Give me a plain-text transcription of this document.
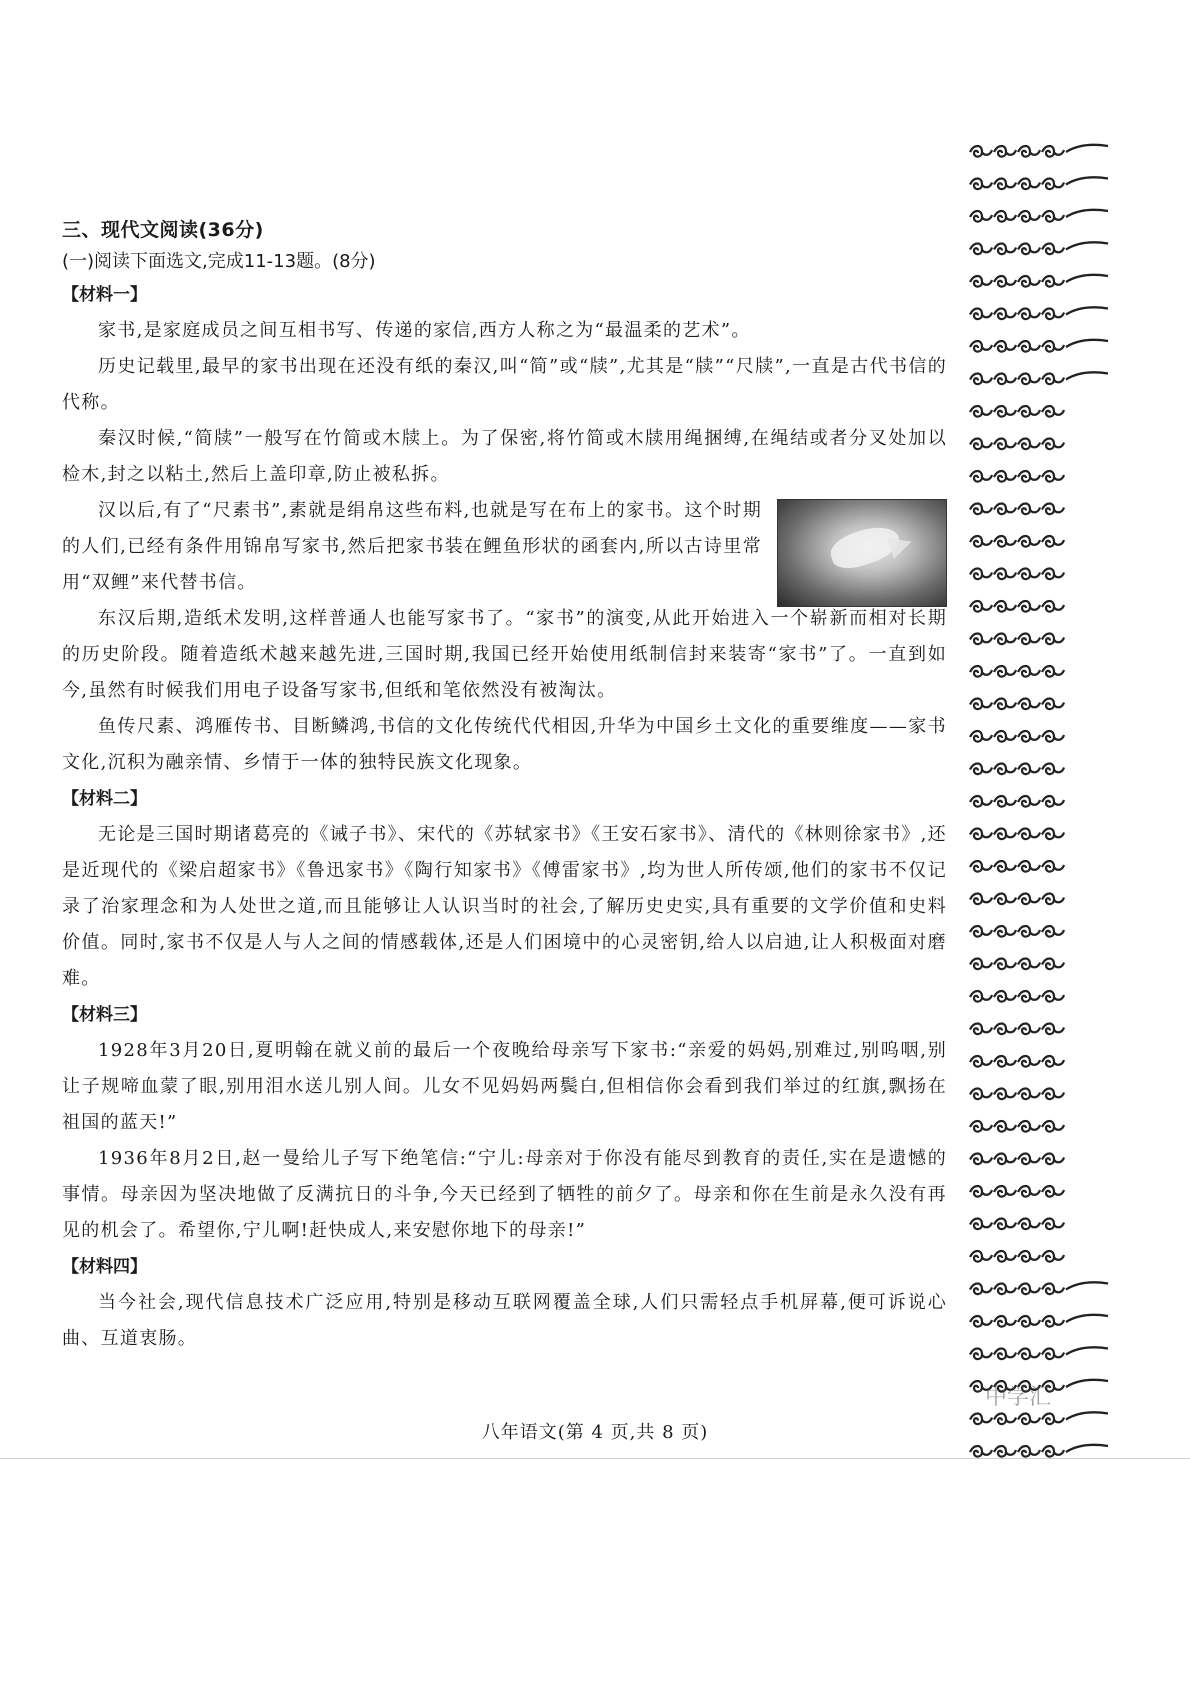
三、现代文阅读(36分)
(一)阅读下面选文,完成11-13题。(8分)
【材料一】

家书,是家庭成员之间互相书写、传递的家信,西方人称之为“最温柔的艺术”。

历史记载里,最早的家书出现在还没有纸的秦汉,叫“简”或“牍”,尤其是“牍”“尺牍”,一直是古代书信的代称。

秦汉时候,“简牍”一般写在竹简或木牍上。为了保密,将竹简或木牍用绳捆缚,在绳结或者分叉处加以检木,封之以粘土,然后上盖印章,防止被私拆。

汉以后,有了“尺素书”,素就是绢帛这些布料,也就是写在布上的家书。这个时期的人们,已经有条件用锦帛写家书,然后把家书装在鲤鱼形状的函套内,所以古诗里常用“双鲤”来代替书信。

东汉后期,造纸术发明,这样普通人也能写家书了。“家书”的演变,从此开始进入一个崭新而相对长期的历史阶段。随着造纸术越来越先进,三国时期,我国已经开始使用纸制信封来装寄“家书”了。一直到如今,虽然有时候我们用电子设备写家书,但纸和笔依然没有被淘汰。

鱼传尺素、鸿雁传书、目断鳞鸿,书信的文化传统代代相因,升华为中国乡土文化的重要维度——家书文化,沉积为融亲情、乡情于一体的独特民族文化现象。

【材料二】

无论是三国时期诸葛亮的《诫子书》、宋代的《苏轼家书》《王安石家书》、清代的《林则徐家书》,还是近现代的《梁启超家书》《鲁迅家书》《陶行知家书》《傅雷家书》,均为世人所传颂,他们的家书不仅记录了治家理念和为人处世之道,而且能够让人认识当时的社会,了解历史史实,具有重要的文学价值和史料价值。同时,家书不仅是人与人之间的情感载体,还是人们困境中的心灵密钥,给人以启迪,让人积极面对磨难。

【材料三】

1928年3月20日,夏明翰在就义前的最后一个夜晚给母亲写下家书:“亲爱的妈妈,别难过,别呜咽,别让子规啼血蒙了眼,别用泪水送儿别人间。儿女不见妈妈两鬓白,但相信你会看到我们举过的红旗,飘扬在祖国的蓝天!”

1936年8月2日,赵一曼给儿子写下绝笔信:“宁儿:母亲对于你没有能尽到教育的责任,实在是遗憾的事情。母亲因为坚决地做了反满抗日的斗争,今天已经到了牺牲的前夕了。母亲和你在生前是永久没有再见的机会了。希望你,宁儿啊!赶快成人,来安慰你地下的母亲!”

【材料四】

当今社会,现代信息技术广泛应用,特别是移动互联网覆盖全球,人们只需轻点手机屏幕,便可诉说心曲、互道衷肠。

八年语文(第 4 页,共 8 页)
中学汇
